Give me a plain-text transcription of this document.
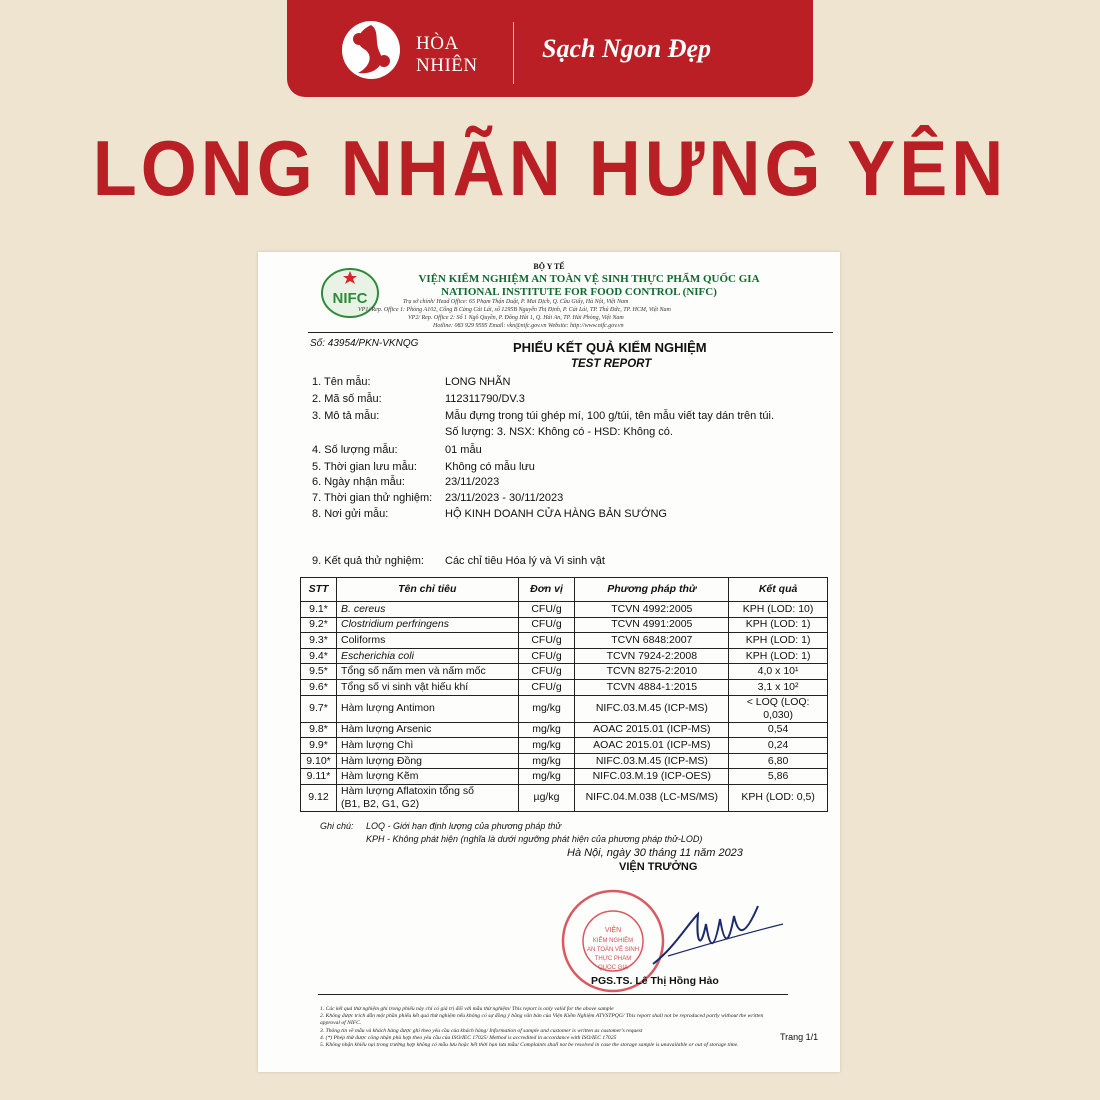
HÒA
NHIÊN
Sạch Ngon Đẹp
LONG NHÃN HƯNG YÊN
NIFC
BỘ Y TẾ
VIỆN KIỂM NGHIỆM AN TOÀN VỆ SINH THỰC PHẨM QUỐC GIA
NATIONAL INSTITUTE FOR FOOD CONTROL (NIFC)
Trụ sở chính/ Head Office: 65 Phạm Thận Duật, P. Mai Dịch, Q. Cầu Giấy, Hà Nội, Việt Nam
VP1/ Rep. Office 1: Phòng A102, Cổng B Cảng Cát Lái, số 1295B Nguyễn Thị Định, P. Cát Lái, TP. Thủ Đức, TP. HCM, Việt Nam
VP2/ Rep. Office 2: Số 1 Ngô Quyền, P. Đông Hải 1, Q. Hải An, TP. Hải Phòng, Việt Nam
Hotline: 083 929 9595 Email: vkn@nifc.gov.vn Website: http://www.nifc.gov.vn
Số: 43954/PKN-VKNQG	PHIẾU KẾT QUẢ KIỂM NGHIỆM
TEST REPORT
1. Tên mẫu:	LONG NHÃN
2. Mã số mẫu:	112311790/DV.3
3. Mô tả mẫu:	Mẫu đựng trong túi ghép mí, 100 g/túi, tên mẫu viết tay dán trên túi.
Số lượng: 3. NSX: Không có - HSD: Không có.
4. Số lượng mẫu:	01 mẫu
5. Thời gian lưu mẫu:	Không có mẫu lưu
6. Ngày nhận mẫu:	23/11/2023
7. Thời gian thử nghiệm: 23/11/2023 - 30/11/2023
8. Nơi gửi mẫu:	HỘ KINH DOANH CỬA HÀNG BẢN SƯỚNG
9. Kết quả thử nghiệm: Các chỉ tiêu Hóa lý và Vi sinh vật
STT	Tên chỉ tiêu	Đơn vị	Phương pháp thử	Kết quả
9.1*	B. cereus	CFU/g	TCVN 4992:2005	KPH (LOD: 10)
9.2*	Clostridium perfringens	CFU/g	TCVN 4991:2005	KPH (LOD: 1)
9.3*	Coliforms	CFU/g	TCVN 6848:2007	KPH (LOD: 1)
9.4*	Escherichia coli	CFU/g	TCVN 7924-2:2008	KPH (LOD: 1)
9.5*	Tổng số nấm men và nấm mốc	CFU/g	TCVN 8275-2:2010	4,0 x 10¹
9.6*	Tổng số vi sinh vật hiếu khí	CFU/g	TCVN 4884-1:2015	3,1 x 10²
9.7*	Hàm lượng Antimon	mg/kg	NIFC.03.M.45 (ICP-MS)	< LOQ (LOQ: 0,030)
9.8*	Hàm lượng Arsenic	mg/kg	AOAC 2015.01 (ICP-MS)	0,54
9.9*	Hàm lượng Chì	mg/kg	AOAC 2015.01 (ICP-MS)	0,24
9.10*	Hàm lượng Đồng	mg/kg	NIFC.03.M.45 (ICP-MS)	6,80
9.11*	Hàm lượng Kẽm	mg/kg	NIFC.03.M.19 (ICP-OES)	5,86
9.12	Hàm lượng Aflatoxin tổng số
(B1, B2, G1, G2)	µg/kg	NIFC.04.M.038 (LC-MS/MS)	KPH (LOD: 0,5)
Ghi chú: LOQ - Giới hạn định lượng của phương pháp thử
KPH - Không phát hiện (nghĩa là dưới ngưỡng phát hiện của phương pháp thử-LOD)
Hà Nội, ngày 30 tháng 11 năm 2023
VIỆN TRƯỞNG
VIỆN
KIỂM NGHIỆM
AN TOÀN VỆ SINH
THỰC PHẨM
QUỐC GIA
PGS.TS. Lê Thị Hồng Hảo
1. Các kết quả thử nghiệm ghi trong phiếu này chỉ có giá trị đối với mẫu thử nghiệm/ This report is only valid for the above sample
2. Không được trích dẫn một phần phiếu kết quả thử nghiệm nếu không có sự đồng ý bằng văn bản của Viện Kiểm Nghiệm ATVSTPQG/ This report shall not be reproduced partly without the written approval of NIFC.
3. Thông tin về mẫu và khách hàng được ghi theo yêu cầu của khách hàng/ Information of sample and customer is written as customer's request
4. (*) Phép thử được công nhận phù hợp theo yêu cầu của ISO/IEC 17025/ Method is accredited in accordance with ISO/IEC 17025
5. Không nhận khiếu nại trong trường hợp không có mẫu lưu hoặc hết thời hạn lưu mẫu/ Complaints shall not be resolved in case the storage sample is unavailable or out of storage time.
Trang 1/1
